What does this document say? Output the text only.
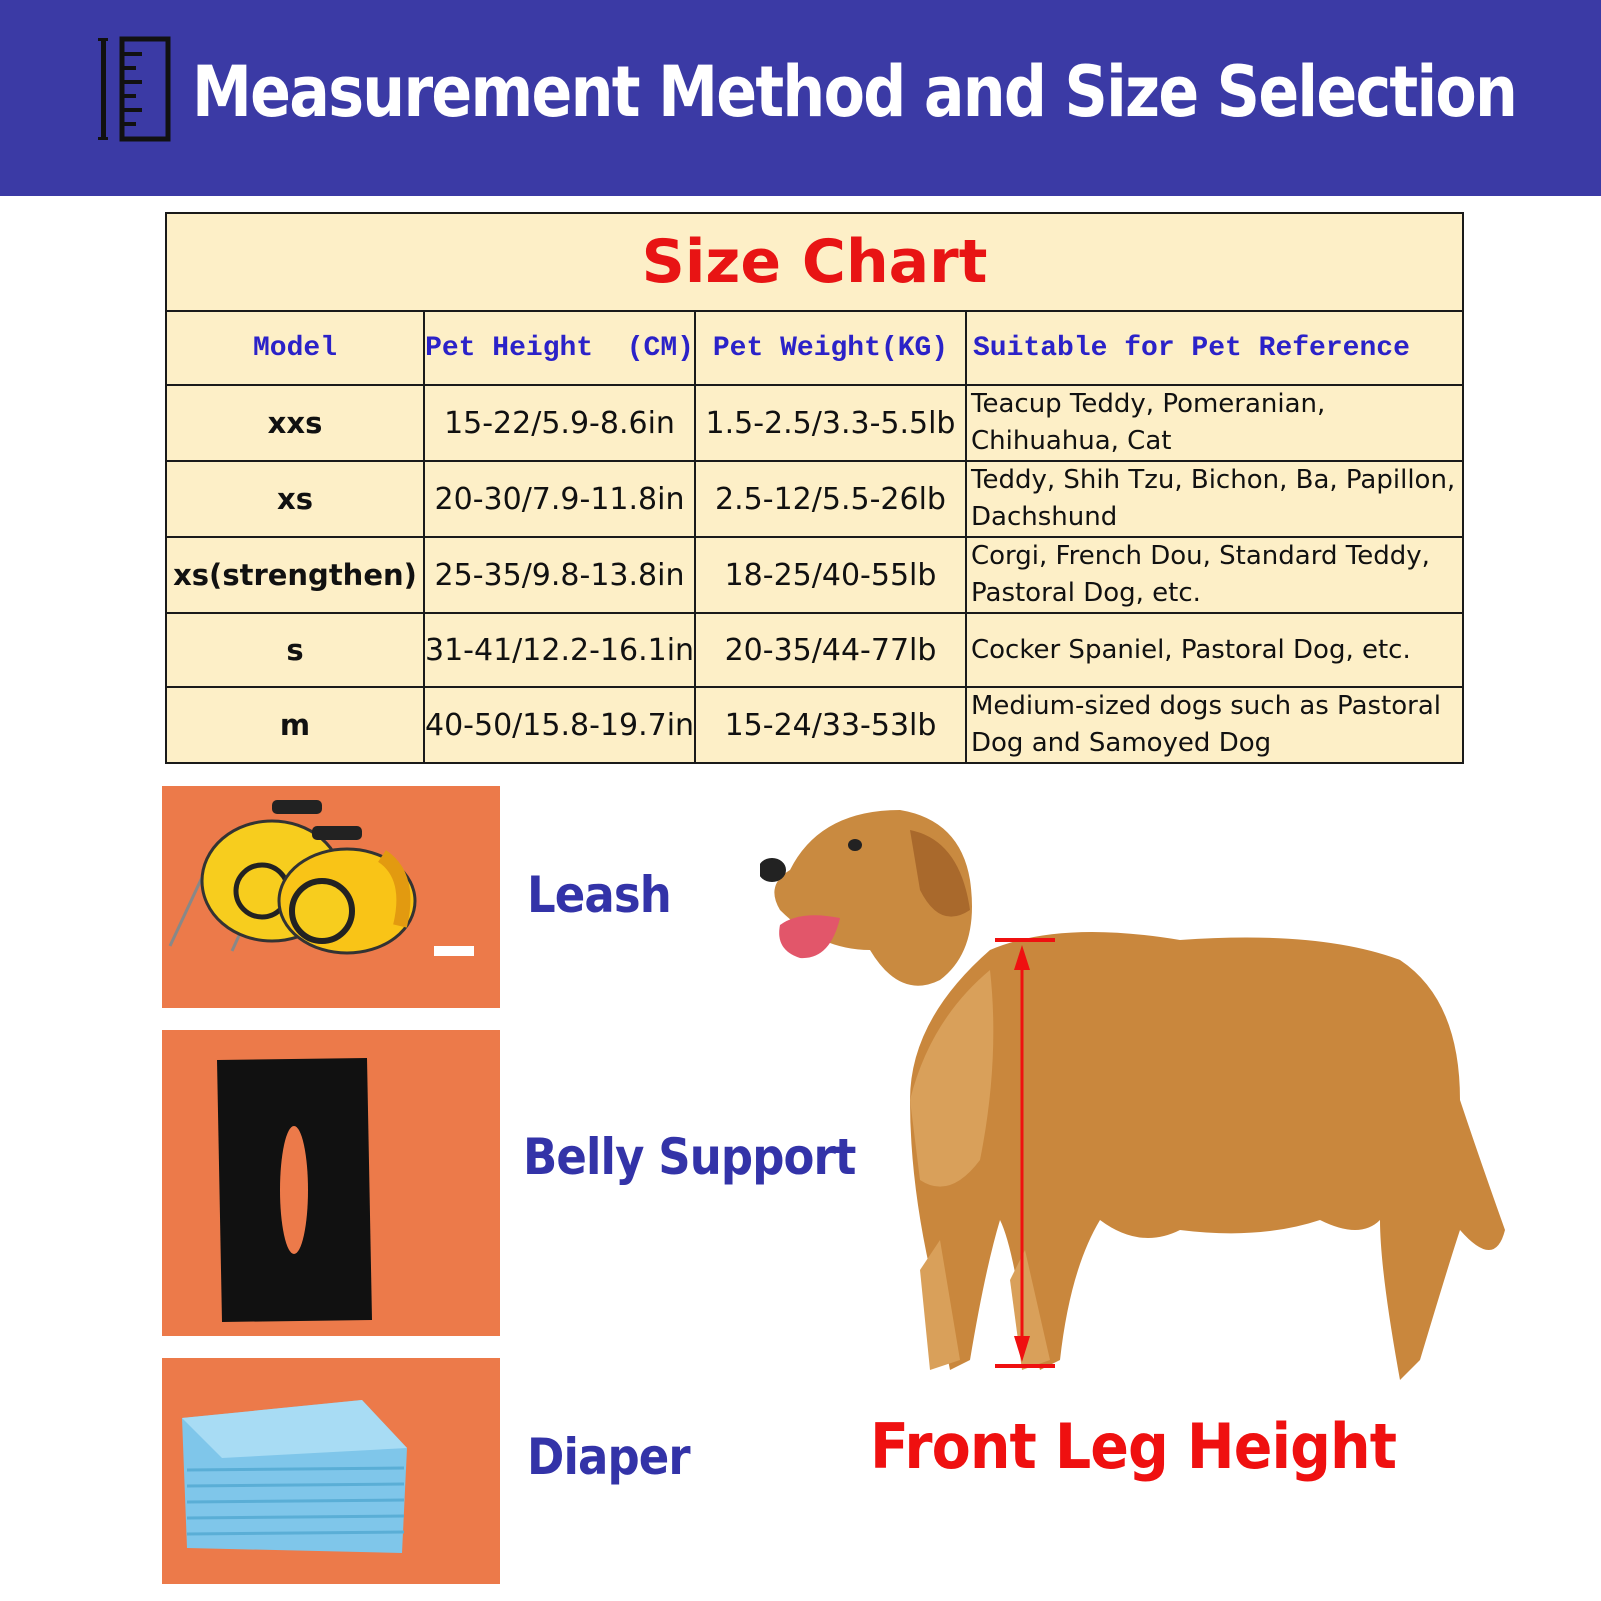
Measurement Method and Size Selection
Size Chart			
Model	Pet Height  (CM)	Pet Weight(KG)	Suitable for Pet Reference
xxs	15-22/5.9-8.6in	1.5-2.5/3.3-5.5lb	Teacup Teddy, Pomeranian, Chihuahua, Cat
xs	20-30/7.9-11.8in	2.5-12/5.5-26lb	Teddy, Shih Tzu, Bichon, Ba, Papillon, Dachshund
xs(strengthen)	25-35/9.8-13.8in	18-25/40-55lb	Corgi, French Dou, Standard Teddy, Pastoral Dog, etc.
s	31-41/12.2-16.1in	20-35/44-77lb	Cocker Spaniel, Pastoral Dog, etc.
m	40-50/15.8-19.7in	15-24/33-53lb	Medium-sized dogs such as Pastoral Dog and Samoyed Dog
Leash
Belly Support
Diaper	Front Leg Height
